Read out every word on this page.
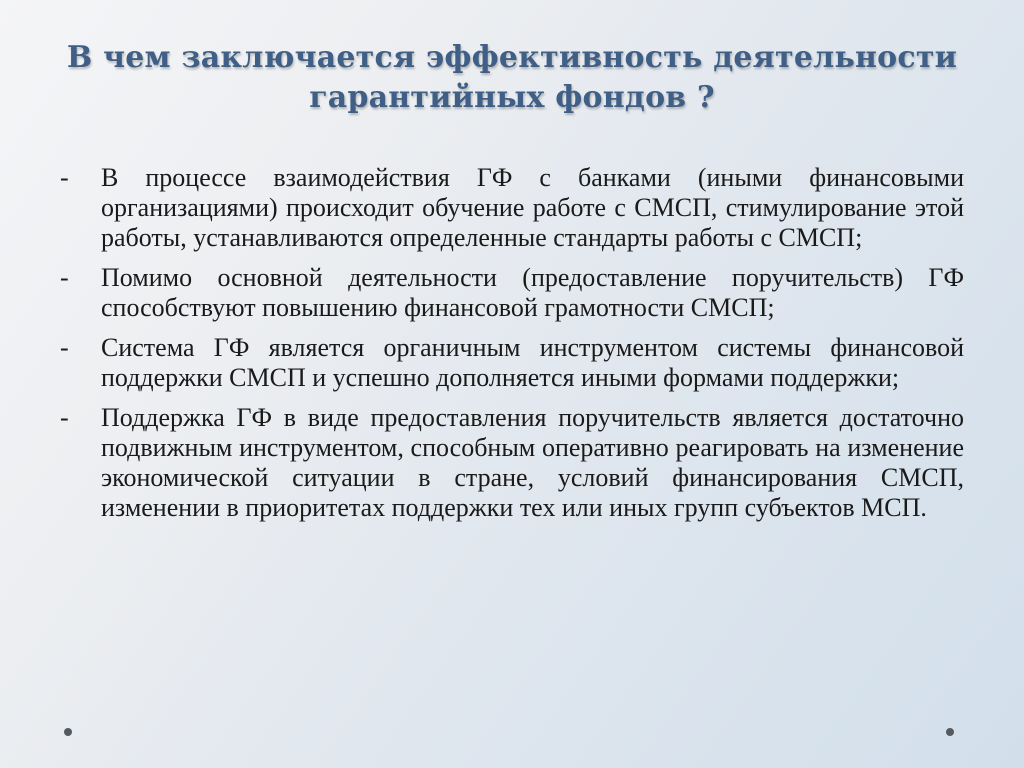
В чем заключается эффективность деятельности
гарантийных фондов ?
- В процессе взаимодействия ГФ с банками (иными финансовыми организациями) происходит обучение работе с СМСП, стимулирование этой работы, устанавливаются определенные стандарты работы с СМСП;
- Помимо основной деятельности (предоставление поручительств) ГФ способствуют повышению финансовой грамотности СМСП;
- Система ГФ является органичным инструментом системы финансовой поддержки СМСП и успешно дополняется иными формами поддержки;
- Поддержка ГФ в виде предоставления поручительств является достаточно подвижным инструментом, способным оперативно реагировать на изменение экономической ситуации в стране, условий финансирования СМСП, изменении в приоритетах поддержки тех или иных групп субъектов МСП.
